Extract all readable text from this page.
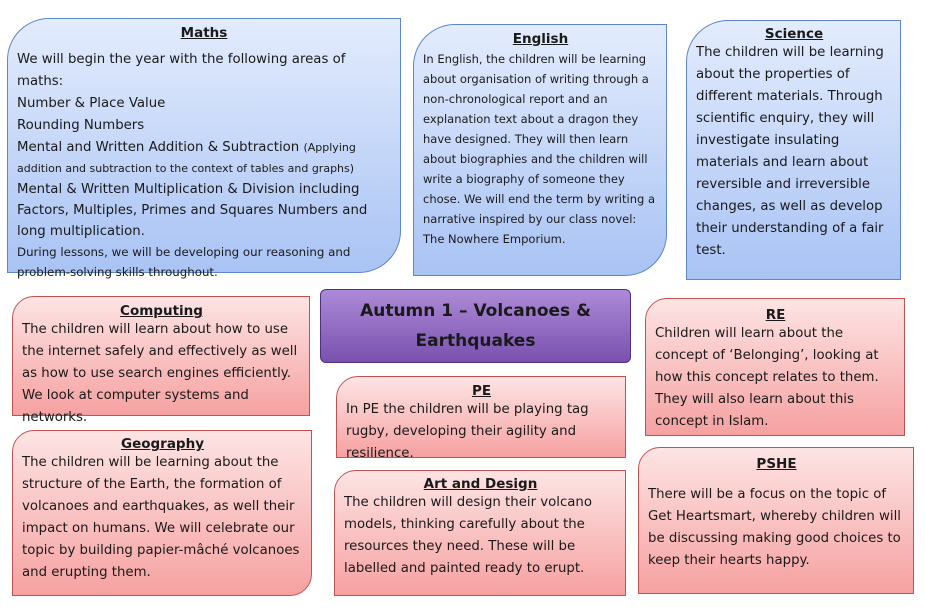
Maths
We will begin the year with the following areas of maths:
Number & Place Value
Rounding Numbers

Mental and Written Addition & Subtraction (Applying addition and subtraction to the context of tables and graphs)

Mental & Written Multiplication & Division including Factors, Multiples, Primes and Squares Numbers and long multiplication.
During lessons, we will be developing our reasoning and problem-solving skills throughout.
English
In English, the children will be learning about organisation of writing through a non-chronological report and an explanation text about a dragon they have designed. They will then learn about biographies and the children will write a biography of someone they chose. We will end the term by writing a narrative inspired by our class novel: The Nowhere Emporium.
Science
The children will be learning about the properties of different materials. Through scientific enquiry, they will investigate insulating materials and learn about reversible and irreversible changes, as well as develop their understanding of a fair test.
Computing
The children will learn about how to use the internet safely and effectively as well as how to use search engines efficiently. We look at computer systems and networks.
Autumn 1 – Volcanoes & Earthquakes
RE
Children will learn about the concept of ‘Belonging’, looking at how this concept relates to them. They will also learn about this concept in Islam.
PE
In PE the children will be playing tag rugby, developing their agility and resilience.
Geography
The children will be learning about the structure of the Earth, the formation of volcanoes and earthquakes, as well their impact on humans. We will celebrate our topic by building papier-mâché volcanoes and erupting them.
Art and Design
The children will design their volcano models, thinking carefully about the resources they need. These will be labelled and painted ready to erupt.
PSHE
There will be a focus on the topic of Get Heartsmart, whereby children will be discussing making good choices to keep their hearts happy.
